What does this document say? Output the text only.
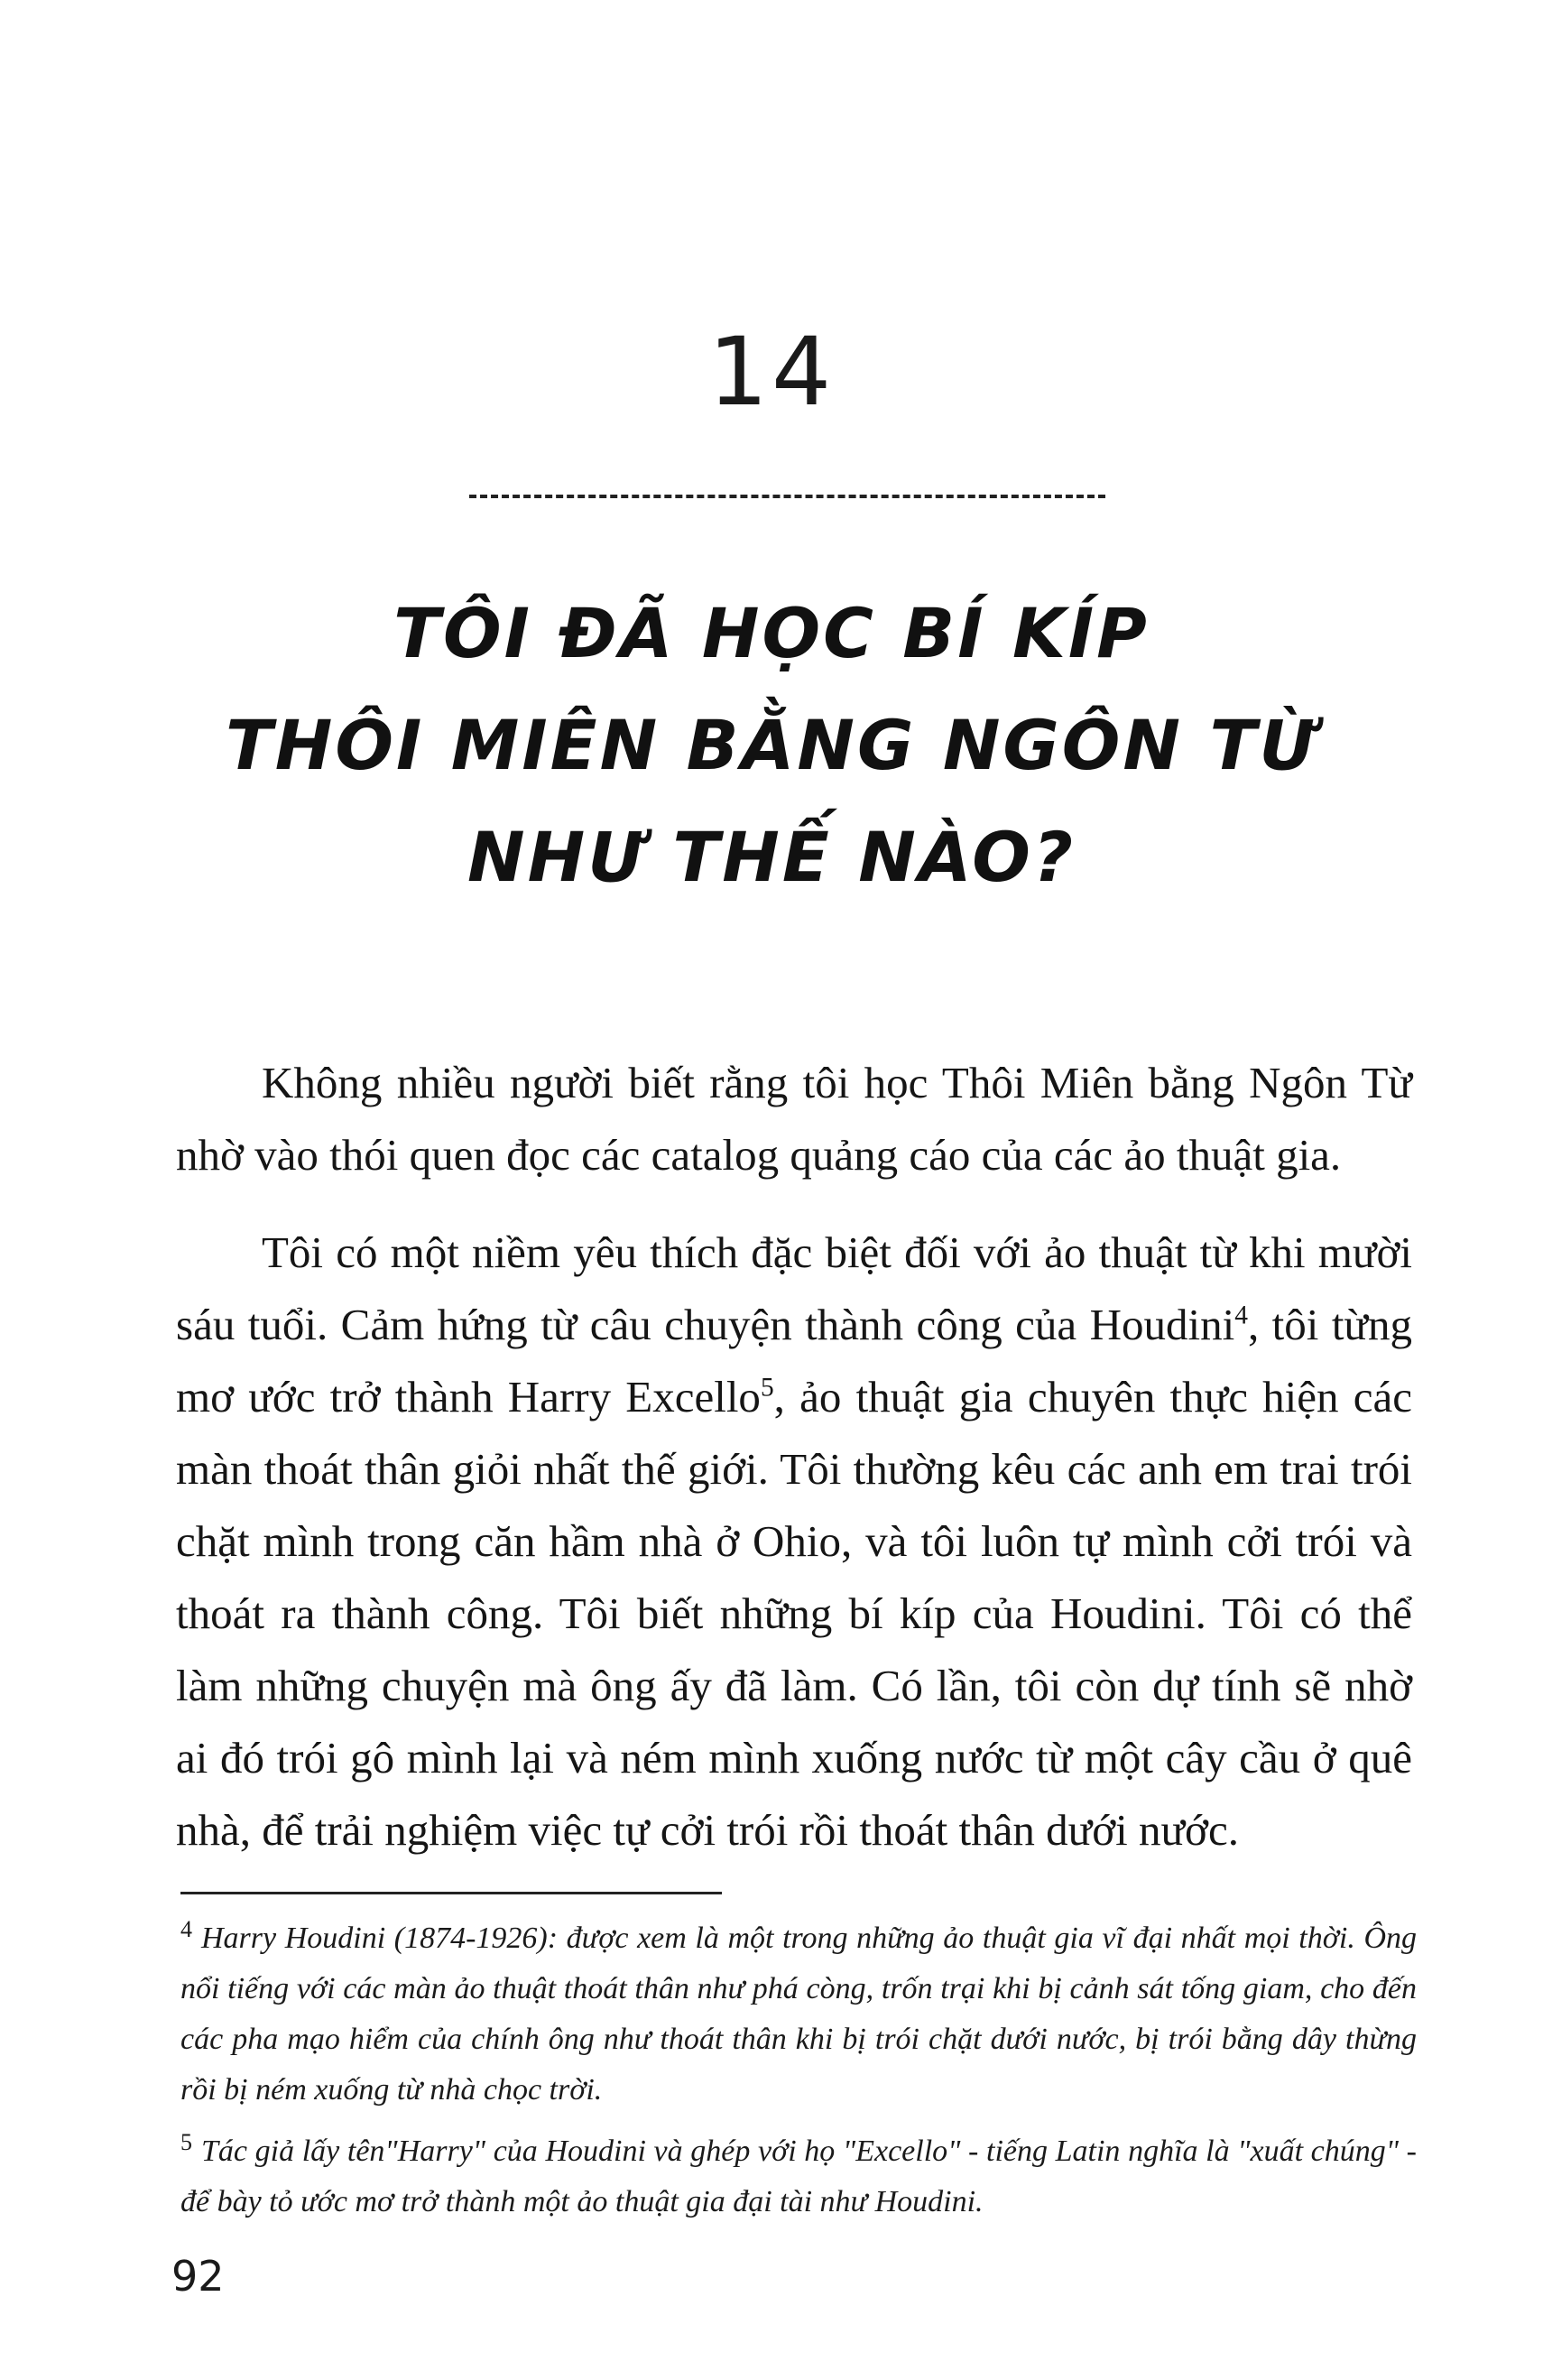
14
TÔI ĐÃ HỌC BÍ KÍP
THÔI MIÊN BẰNG NGÔN TỪ
NHƯ THẾ NÀO?

Không nhiều người biết rằng tôi học Thôi Miên bằng Ngôn Từ nhờ vào thói quen đọc các catalog quảng cáo của các ảo thuật gia.

Tôi có một niềm yêu thích đặc biệt đối với ảo thuật từ khi mười sáu tuổi. Cảm hứng từ câu chuyện thành công của Houdini$^4$, tôi từng mơ ước trở thành Harry Excello$^5$, ảo thuật gia chuyên thực hiện các màn thoát thân giỏi nhất thế giới. Tôi thường kêu các anh em trai trói chặt mình trong căn hầm nhà ở Ohio, và tôi luôn tự mình cởi trói và thoát ra thành công. Tôi biết những bí kíp của Houdini. Tôi có thể làm những chuyện mà ông ấy đã làm. Có lần, tôi còn dự tính sẽ nhờ ai đó trói gô mình lại và ném mình xuống nước từ một cây cầu ở quê nhà, để trải nghiệm việc tự cởi trói rồi thoát thân dưới nước.

$^4$ Harry Houdini (1874-1926): được xem là một trong những ảo thuật gia vĩ đại nhất mọi thời. Ông nổi tiếng với các màn ảo thuật thoát thân như phá còng, trốn trại khi bị cảnh sát tống giam, cho đến các pha mạo hiểm của chính ông như thoát thân khi bị trói chặt dưới nước, bị trói bằng dây thừng rồi bị ném xuống từ nhà chọc trời.

$^5$ Tác giả lấy tên"Harry" của Houdini và ghép với họ "Excello" - tiếng Latin nghĩa là "xuất chúng" - để bày tỏ ước mơ trở thành một ảo thuật gia đại tài như Houdini.

92
